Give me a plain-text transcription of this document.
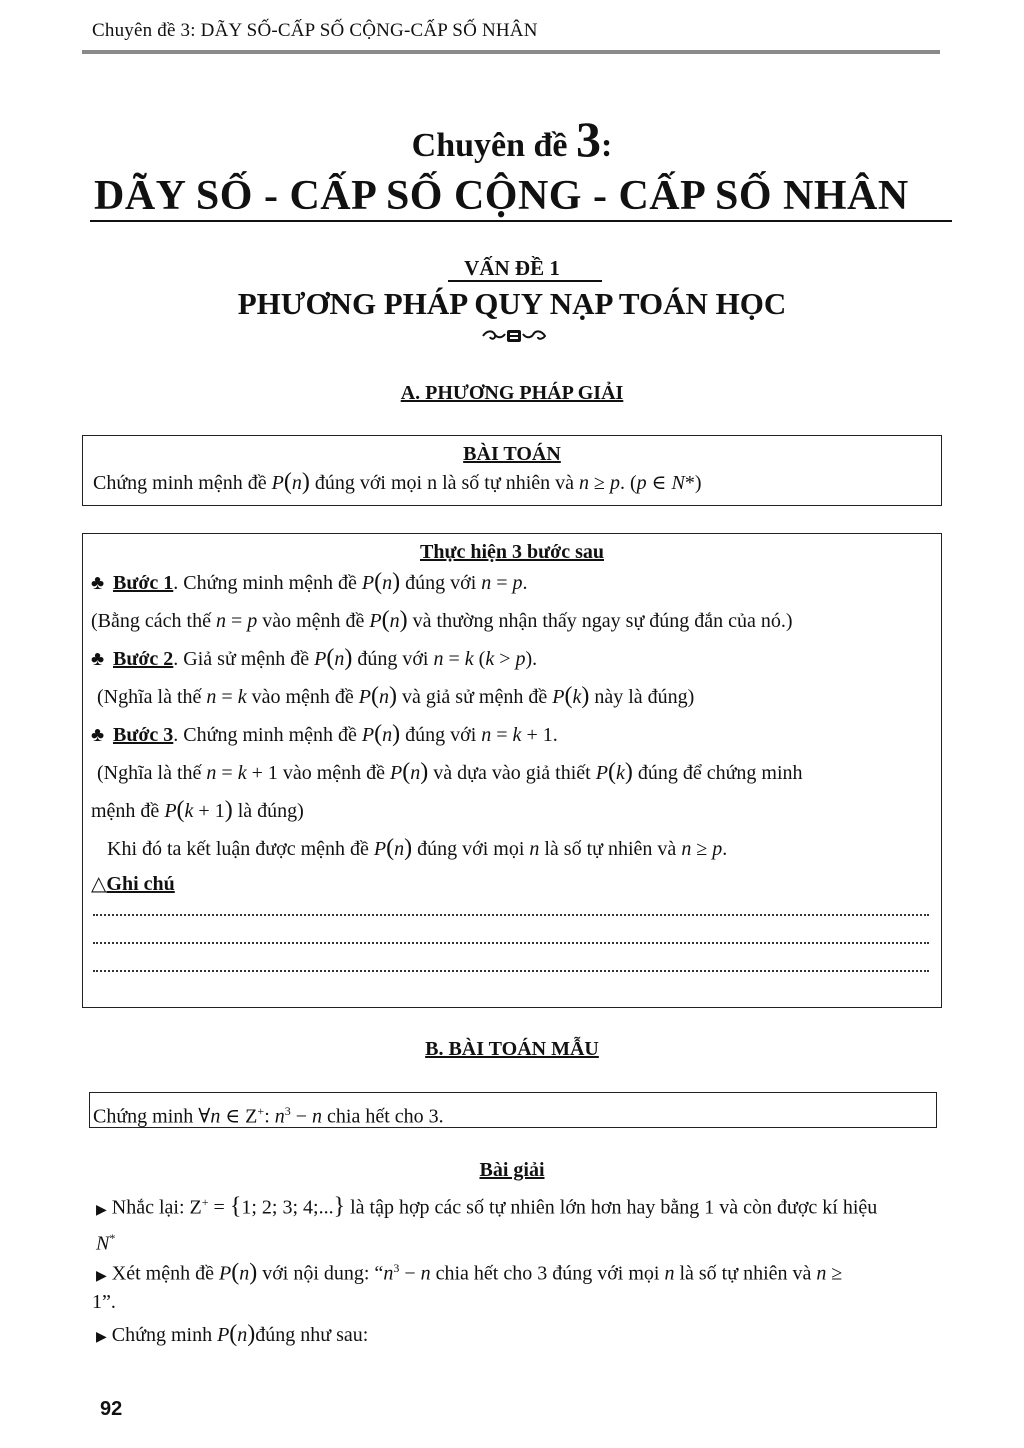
Chuyên đề 3: DÃY SỐ-CẤP SỐ CỘNG-CẤP SỐ NHÂN
Chuyên đề 3:
DÃY SỐ - CẤP SỐ CỘNG - CẤP SỐ NHÂN
VẤN ĐỀ 1
PHƯƠNG PHÁP QUY NẠP TOÁN HỌC
A. PHƯƠNG PHÁP GIẢI
BÀI TOÁN
Chứng minh mệnh đề P(n) đúng với mọi n là số tự nhiên và n ≥ p. (p ∈ N*)
Thực hiện 3 bước sau
♣ Bước 1. Chứng minh mệnh đề P(n) đúng với n = p.
(Bằng cách thế n = p vào mệnh đề P(n) và thường nhận thấy ngay sự đúng đắn của nó.)
♣ Bước 2. Giả sử mệnh đề P(n) đúng với n = k (k > p).
(Nghĩa là thế n = k vào mệnh đề P(n) và giả sử mệnh đề P(k) này là đúng)
♣ Bước 3. Chứng minh mệnh đề P(n) đúng với n = k + 1.
(Nghĩa là thế n = k + 1 vào mệnh đề P(n) và dựa vào giả thiết P(k) đúng để chứng minh
mệnh đề P(k + 1) là đúng)
Khi đó ta kết luận được mệnh đề P(n) đúng với mọi n là số tự nhiên và n ≥ p.
△Ghi chú
B. BÀI TOÁN MẪU
Chứng minh ∀n ∈ Z+: $n^3 - n$ chia hết cho 3.
Bài giải
▶ Nhắc lại: Z+ = {1; 2; 3; 4;...} là tập hợp các số tự nhiên lớn hơn hay bằng 1 và còn được kí hiệu
N*
▶ Xét mệnh đề P(n) với nội dung: “$n^3 - n$ chia hết cho 3 đúng với mọi n là số tự nhiên và n ≥
1”.
▶ Chứng minh P(n)đúng như sau:
92
